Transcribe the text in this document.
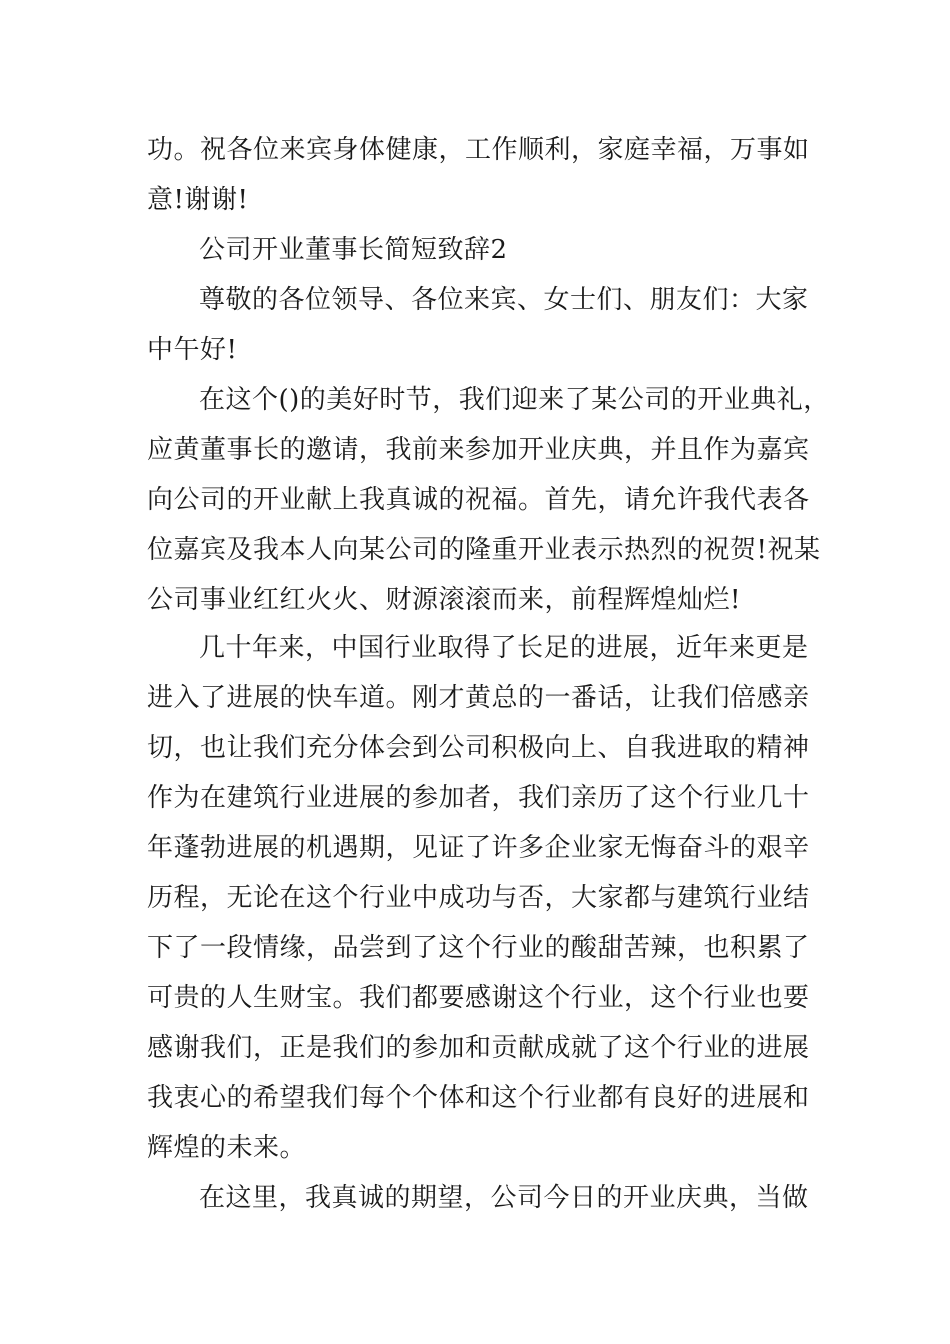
功。祝各位来宾身体健康，工作顺利，家庭幸福，万事如
意!谢谢!
公司开业董事长简短致辞2
尊敬的各位领导、各位来宾、女士们、朋友们：大家
中午好!
在这个()的美好时节，我们迎来了某公司的开业典礼，
应黄董事长的邀请，我前来参加开业庆典，并且作为嘉宾
向公司的开业献上我真诚的祝福。首先，请允许我代表各
位嘉宾及我本人向某公司的隆重开业表示热烈的祝贺!祝某
公司事业红红火火、财源滚滚而来，前程辉煌灿烂!
几十年来，中国行业取得了长足的进展，近年来更是
进入了进展的快车道。刚才黄总的一番话，让我们倍感亲
切，也让我们充分体会到公司积极向上、自我进取的精神
作为在建筑行业进展的参加者，我们亲历了这个行业几十
年蓬勃进展的机遇期，见证了许多企业家无悔奋斗的艰辛
历程，无论在这个行业中成功与否，大家都与建筑行业结
下了一段情缘，品尝到了这个行业的酸甜苦辣，也积累了
可贵的人生财宝。我们都要感谢这个行业，这个行业也要
感谢我们，正是我们的参加和贡献成就了这个行业的进展
我衷心的希望我们每个个体和这个行业都有良好的进展和
辉煌的未来。
在这里，我真诚的期望，公司今日的开业庆典，当做
